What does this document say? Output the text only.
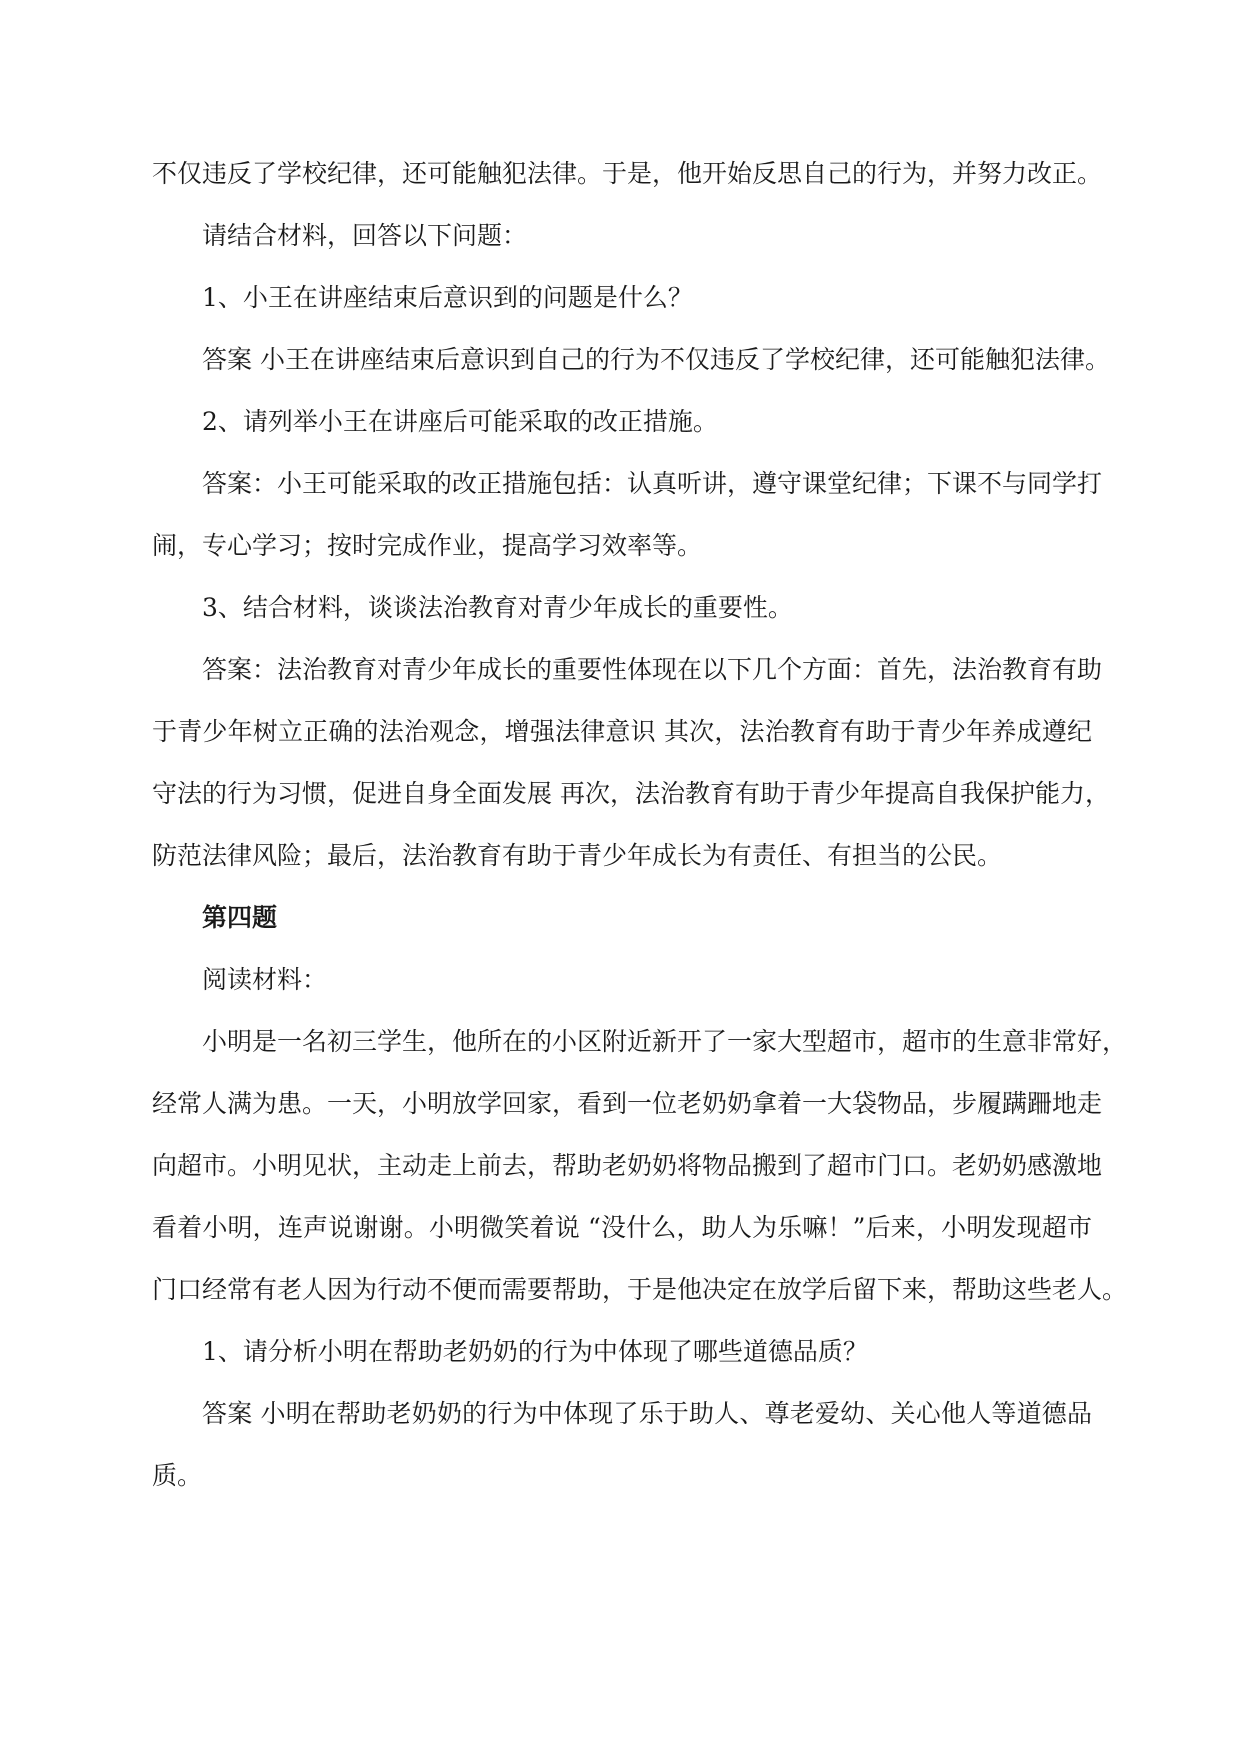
不仅违反了学校纪律，还可能触犯法律。于是，他开始反思自己的行为，并努力改正。
请结合材料，回答以下问题：
1、小王在讲座结束后意识到的问题是什么？
答案 小王在讲座结束后意识到自己的行为不仅违反了学校纪律，还可能触犯法律。
2、请列举小王在讲座后可能采取的改正措施。
答案：小王可能采取的改正措施包括：认真听讲，遵守课堂纪律；下课不与同学打
闹，专心学习；按时完成作业，提高学习效率等。
3、结合材料，谈谈法治教育对青少年成长的重要性。
答案：法治教育对青少年成长的重要性体现在以下几个方面：首先，法治教育有助
于青少年树立正确的法治观念，增强法律意识 其次，法治教育有助于青少年养成遵纪
守法的行为习惯，促进自身全面发展 再次，法治教育有助于青少年提高自我保护能力，
防范法律风险；最后，法治教育有助于青少年成长为有责任、有担当的公民。
第四题
阅读材料：
小明是一名初三学生，他所在的小区附近新开了一家大型超市，超市的生意非常好，
经常人满为患。一天，小明放学回家，看到一位老奶奶拿着一大袋物品，步履蹒跚地走
向超市。小明见状，主动走上前去，帮助老奶奶将物品搬到了超市门口。老奶奶感激地
看着小明，连声说谢谢。小明微笑着说 “没什么，助人为乐嘛！”后来，小明发现超市
门口经常有老人因为行动不便而需要帮助，于是他决定在放学后留下来，帮助这些老人。
1、请分析小明在帮助老奶奶的行为中体现了哪些道德品质？
答案 小明在帮助老奶奶的行为中体现了乐于助人、尊老爱幼、关心他人等道德品
质。
